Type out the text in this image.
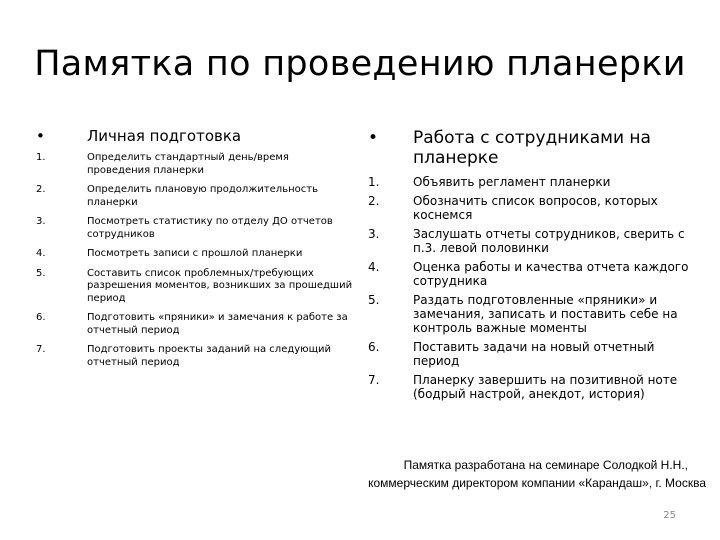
Памятка по проведению планерки
•	Личная подготовка
1.	Определить стандартный день/время проведения планерки
2.	Определить плановую продолжительность планерки
3.	Посмотреть статистику по отделу ДО отчетов сотрудников
4.	Посмотреть записи с прошлой планерки
5.	Составить список проблемных/требующих разрешения моментов, возникших за прошедший период
6.	Подготовить «пряники» и замечания к работе за отчетный период
7.	Подготовить проекты заданий на следующий отчетный период
• Работа с сотрудниками на планерке
1.	Объявить регламент планерки
2.	Обозначить список вопросов, которых коснемся
3.	Заслушать отчеты сотрудников, сверить с п.3. левой половинки
4.	Оценка работы и качества отчета каждого сотрудника
5.	Раздать подготовленные «пряники» и замечания, записать и поставить себе на контроль важные моменты
6.	Поставить задачи на новый отчетный период
7.	Планерку завершить на позитивной ноте (бодрый настрой, анекдот, история)
Памятка разработана на семинаре Солодкой Н.Н.,
коммерческим директором компании «Карандаш», г. Москва
25
